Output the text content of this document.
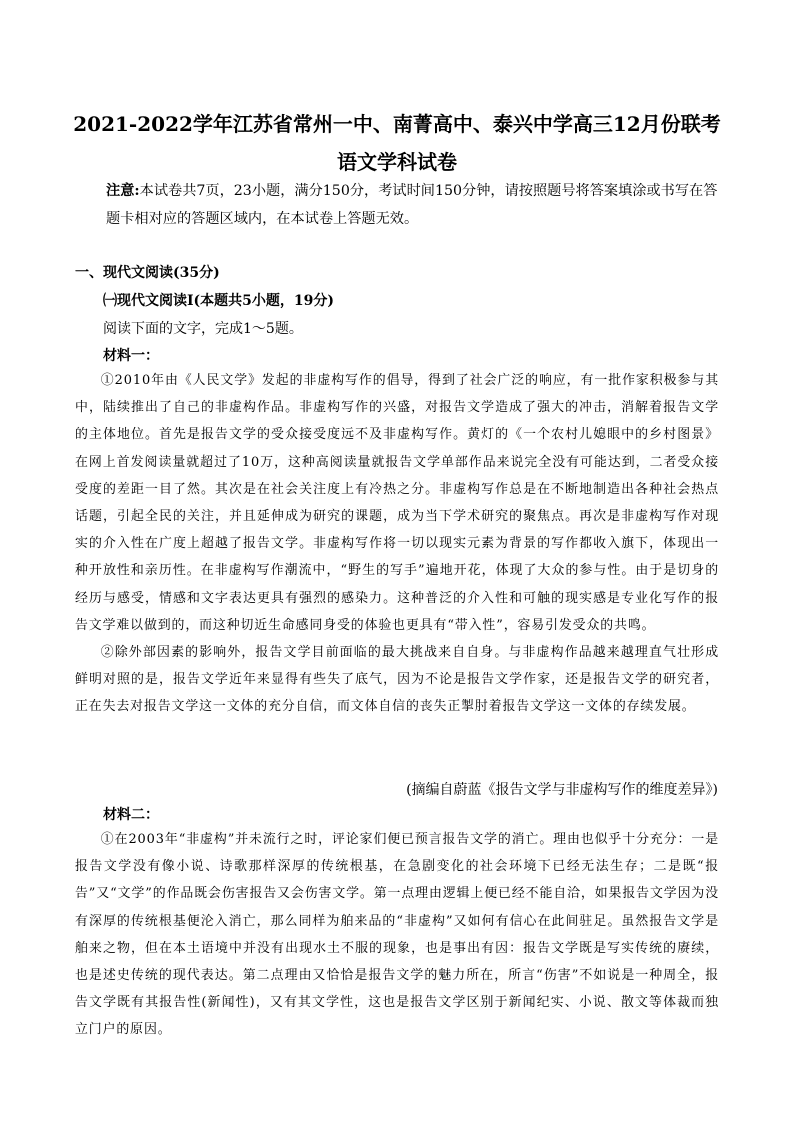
2021-2022学年江苏省常州一中、南菁高中、泰兴中学高三12月份联考
语文学科试卷
注意:本试卷共7页，23小题，满分150分，考试时间150分钟，请按照题号将答案填涂或书写在答题卡相对应的答题区域内，在本试卷上答题无效。
一、现代文阅读(35分)
㈠现代文阅读I(本题共5小题，19分)
阅读下面的文字，完成1～5题。
材料一：

①2010年由《人民文学》发起的非虚构写作的倡导，得到了社会广泛的响应，有一批作家积极参与其中，陆续推出了自己的非虚构作品。非虚构写作的兴盛，对报告文学造成了强大的冲击，消解着报告文学的主体地位。首先是报告文学的受众接受度远不及非虚构写作。黄灯的《一个农村儿媳眼中的乡村图景》在网上首发阅读量就超过了10万，这种高阅读量就报告文学单部作品来说完全没有可能达到，二者受众接受度的差距一目了然。其次是在社会关注度上有冷热之分。非虚构写作总是在不断地制造出各种社会热点话题，引起全民的关注，并且延伸成为研究的课题，成为当下学术研究的聚焦点。再次是非虚构写作对现实的介入性在广度上超越了报告文学。非虚构写作将一切以现实元素为背景的写作都收入旗下，体现出一种开放性和亲历性。在非虚构写作潮流中，“野生的写手”遍地开花，体现了大众的参与性。由于是切身的经历与感受，情感和文字表达更具有强烈的感染力。这种普泛的介入性和可触的现实感是专业化写作的报告文学难以做到的，而这种切近生命感同身受的体验也更具有“带入性”，容易引发受众的共鸣。

②除外部因素的影响外，报告文学目前面临的最大挑战来自自身。与非虚构作品越来越理直气壮形成鲜明对照的是，报告文学近年来显得有些失了底气，因为不论是报告文学作家，还是报告文学的研究者，正在失去对报告文学这一文体的充分自信，而文体自信的丧失正掣肘着报告文学这一文体的存续发展。

(摘编自蔚蓝《报告文学与非虚构写作的维度差异》)
材料二：

①在2003年“非虚构”并未流行之时，评论家们便已预言报告文学的消亡。理由也似乎十分充分：一是报告文学没有像小说、诗歌那样深厚的传统根基，在急剧变化的社会环境下已经无法生存；二是既“报告”又“文学”的作品既会伤害报告又会伤害文学。第一点理由逻辑上便已经不能自洽，如果报告文学因为没有深厚的传统根基便沦入消亡，那么同样为舶来品的“非虚构”又如何有信心在此间驻足。虽然报告文学是舶来之物，但在本土语境中并没有出现水土不服的现象，也是事出有因：报告文学既是写实传统的赓续，也是述史传统的现代表达。第二点理由又恰恰是报告文学的魅力所在，所言“伤害”不如说是一种周全，报告文学既有其报告性(新闻性)，又有其文学性，这也是报告文学区别于新闻纪实、小说、散文等体裁而独立门户的原因。
